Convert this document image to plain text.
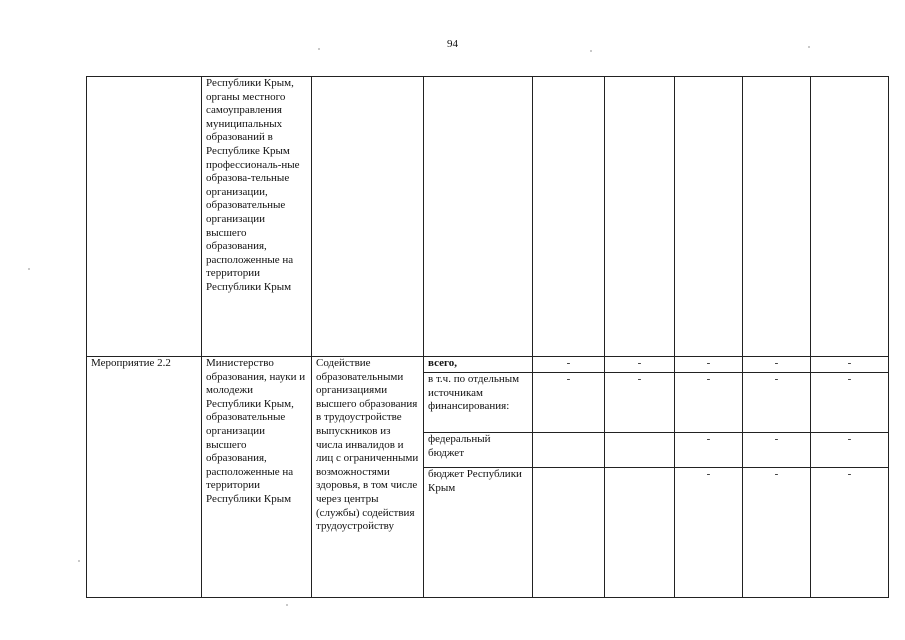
94
	Республики Крым, органы местного самоуправления муниципальных образований в Республике Крым профессиональ-ные образова-тельные организации, образовательные организации высшего образования, расположенные на территории Республики Крым							
Мероприятие 2.2	Министерство образования, науки и молодежи Республики Крым, образовательные организации высшего образования, расположенные на территории Республики Крым	Содействие образовательными организациями высшего образования в трудоустройстве выпускников из числа инвалидов и лиц с ограниченными возможностями здоровья, в том числе через центры (службы) содействия трудоустройству	всего,	-	-	-	-	-
			в т.ч. по отдельным источникам финансирования:	-	-	-	-	-
			федеральный бюджет			-	-	-
			бюджет Республики Крым			-	-	-
